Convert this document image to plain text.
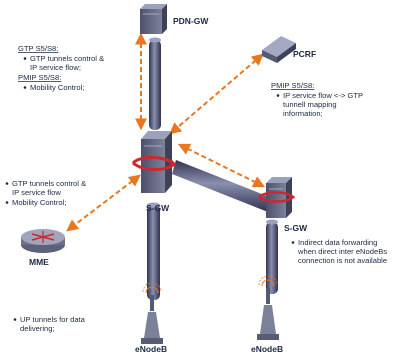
PDN-GW
PCRF
S-GW
S-GW
MME
eNodeB	eNodeB
GTP S5/S8:
GTP tunnels control &
IP service flow;
PMIP S5/S8:
Mobility Control;	PMIP S5/S8:
IP service flow <-> GTP
tunnell mapping
information;
GTP tunnels control &
IP service flow
Mobility Control;
Indirect data forwarding
when direct inter eNodeBs
connection is not available
UP tunnels for data
delivering;
